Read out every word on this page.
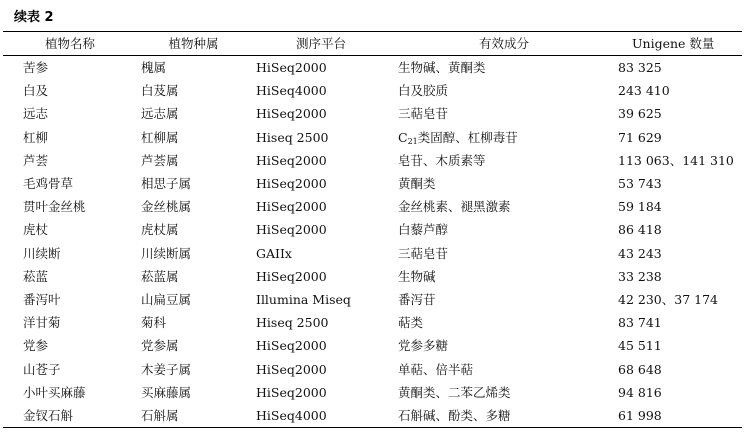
续表 2
植物名称	植物种属	测序平台	有效成分	Unigene 数量
苦参	槐属	HiSeq2000	生物碱、黄酮类	83 325
白及	白芨属	HiSeq4000	白及胶质	243 410
远志	远志属	HiSeq2000	三萜皂苷	39 625
杠柳	杠柳属	Hiseq 2500	$C_{21}$类固醇、杠柳毒苷	71 629
芦荟	芦荟属	HiSeq2000	皂苷、木质素等	113 063、141 310
毛鸡骨草	相思子属	HiSeq2000	黄酮类	53 743
贯叶金丝桃	金丝桃属	HiSeq2000	金丝桃素、褪黑激素	59 184
虎杖	虎杖属	HiSeq2000	白藜芦醇	86 418
川续断	川续断属	GAIIx	三萜皂苷	43 243
菘蓝	菘蓝属	HiSeq2000	生物碱	33 238
番泻叶	山扁豆属	Illumina Miseq	番泻苷	42 230、37 174
洋甘菊	菊科	Hiseq 2500	萜类	83 741
党参	党参属	HiSeq2000	党参多糖	45 511
山苍子	木姜子属	HiSeq2000	单萜、倍半萜	68 648
小叶买麻藤	买麻藤属	HiSeq2000	黄酮类、二苯乙烯类	94 816
金钗石斛	石斛属	HiSeq4000	石斛碱、酚类、多糖	61 998
